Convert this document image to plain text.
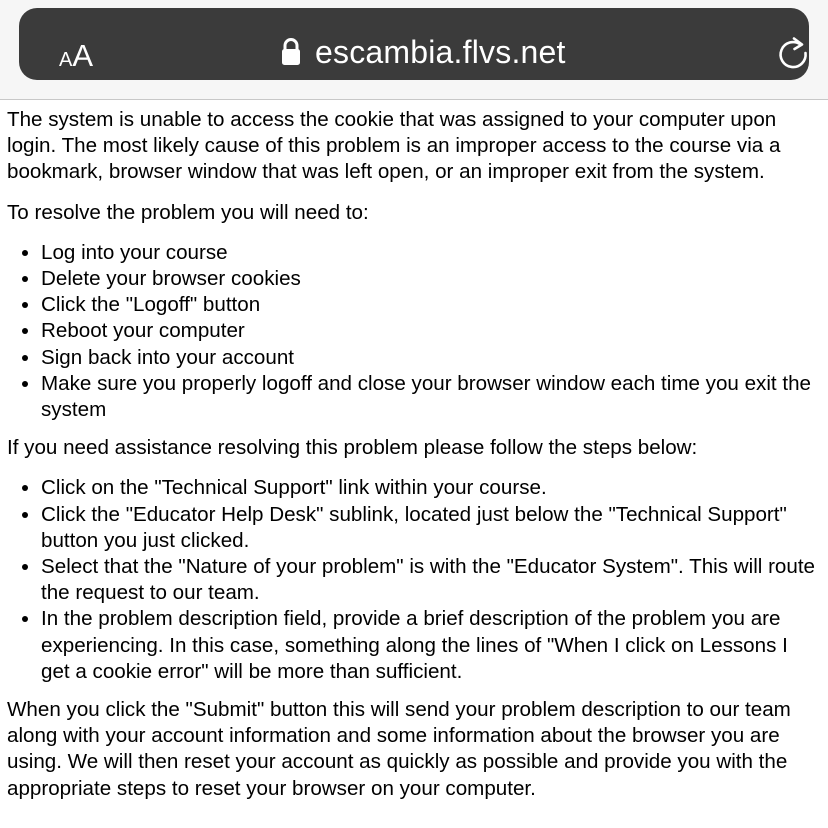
A A	escambia.flvs.net

The system is unable to access the cookie that was assigned to your computer upon login. The most likely cause of this problem is an improper access to the course via a bookmark, browser window that was left open, or an improper exit from the system.

To resolve the problem you will need to:

• Log into your course
• Delete your browser cookies
• Click the "Logoff" button
• Reboot your computer
• Sign back into your account
• Make sure you properly logoff and close your browser window each time you exit the system

If you need assistance resolving this problem please follow the steps below:

• Click on the "Technical Support" link within your course.
• Click the "Educator Help Desk" sublink, located just below the "Technical Support" button you just clicked.
• Select that the "Nature of your problem" is with the "Educator System". This will route the request to our team.
• In the problem description field, provide a brief description of the problem you are experiencing. In this case, something along the lines of "When I click on Lessons I get a cookie error" will be more than sufficient.

When you click the "Submit" button this will send your problem description to our team along with your account information and some information about the browser you are using. We will then reset your account as quickly as possible and provide you with the appropriate steps to reset your browser on your computer.
